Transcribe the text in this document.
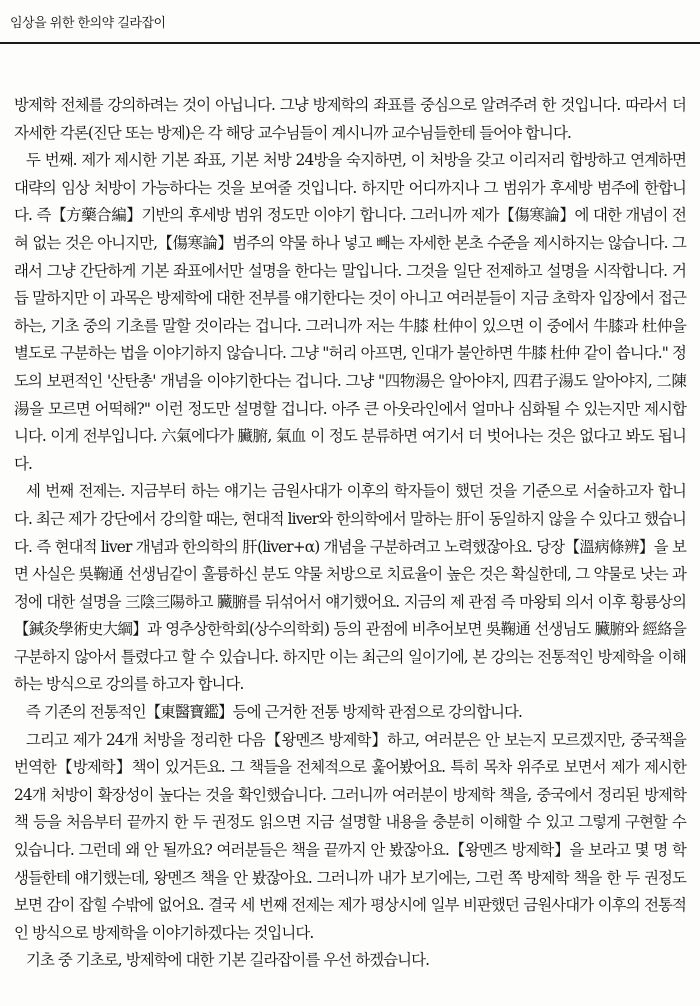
임상을 위한 한의약 길라잡이

방제학 전체를 강의하려는 것이 아닙니다. 그냥 방제학의 좌표를 중심으로 알려주려 한 것입니다. 따라서 더 자세한 각론(진단 또는 방제)은 각 해당 교수님들이 계시니까 교수님들한테 들어야 합니다.

두 번째. 제가 제시한 기본 좌표, 기본 처방 24방을 숙지하면, 이 처방을 갖고 이리저리 합방하고 연계하면 대략의 임상 처방이 가능하다는 것을 보여줄 것입니다. 하지만 어디까지나 그 범위가 후세방 범주에 한합니다. 즉【方藥合編】기반의 후세방 범위 정도만 이야기 합니다. 그러니까 제가【傷寒論】에 대한 개념이 전혀 없는 것은 아니지만,【傷寒論】범주의 약물 하나 넣고 빼는 자세한 본초 수준을 제시하지는 않습니다. 그래서 그냥 간단하게 기본 좌표에서만 설명을 한다는 말입니다. 그것을 일단 전제하고 설명을 시작합니다. 거듭 말하지만 이 과목은 방제학에 대한 전부를 얘기한다는 것이 아니고 여러분들이 지금 초학자 입장에서 접근하는, 기초 중의 기초를 말할 것이라는 겁니다. 그러니까 저는 牛膝 杜仲이 있으면 이 중에서 牛膝과 杜仲을 별도로 구분하는 법을 이야기하지 않습니다. 그냥 "허리 아프면, 인대가 불안하면 牛膝 杜仲 같이 씁니다." 정도의 보편적인 '산탄총' 개념을 이야기한다는 겁니다. 그냥 "四物湯은 알아야지, 四君子湯도 알아야지, 二陳湯을 모르면 어떡해?" 이런 정도만 설명할 겁니다. 아주 큰 아웃라인에서 얼마나 심화될 수 있는지만 제시합니다. 이게 전부입니다. 六氣에다가 臟腑, 氣血 이 정도 분류하면 여기서 더 벗어나는 것은 없다고 봐도 됩니다.

세 번째 전제는. 지금부터 하는 얘기는 금원사대가 이후의 학자들이 했던 것을 기준으로 서술하고자 합니다. 최근 제가 강단에서 강의할 때는, 현대적 liver와 한의학에서 말하는 肝이 동일하지 않을 수 있다고 했습니다. 즉 현대적 liver 개념과 한의학의 肝(liver+α) 개념을 구분하려고 노력했잖아요. 당장【溫病條辨】을 보면 사실은 吳鞠通 선생님같이 훌륭하신 분도 약물 처방으로 치료율이 높은 것은 확실한데, 그 약물로 낫는 과정에 대한 설명을 三陰三陽하고 臟腑를 뒤섞어서 얘기했어요. 지금의 제 관점 즉 마왕퇴 의서 이후 황룡상의【鍼灸學術史大綱】과 영추상한학회(상수의학회) 등의 관점에 비추어보면 吳鞠通 선생님도 臟腑와 經絡을 구분하지 않아서 틀렸다고 할 수 있습니다. 하지만 이는 최근의 일이기에, 본 강의는 전통적인 방제학을 이해하는 방식으로 강의를 하고자 합니다.

즉 기존의 전통적인【東醫寶鑑】등에 근거한 전통 방제학 관점으로 강의합니다.

그리고 제가 24개 처방을 정리한 다음【왕멘즈 방제학】하고, 여러분은 안 보는지 모르겠지만, 중국책을 번역한【방제학】책이 있거든요. 그 책들을 전체적으로 훑어봤어요. 특히 목차 위주로 보면서 제가 제시한 24개 처방이 확장성이 높다는 것을 확인했습니다. 그러니까 여러분이 방제학 책을, 중국에서 정리된 방제학 책 등을 처음부터 끝까지 한 두 권정도 읽으면 지금 설명할 내용을 충분히 이해할 수 있고 그렇게 구현할 수 있습니다. 그런데 왜 안 될까요? 여러분들은 책을 끝까지 안 봤잖아요.【왕멘즈 방제학】을 보라고 몇 명 학생들한테 얘기했는데, 왕멘즈 책을 안 봤잖아요. 그러니까 내가 보기에는, 그런 쪽 방제학 책을 한 두 권정도 보면 감이 잡힐 수밖에 없어요. 결국 세 번째 전제는 제가 평상시에 일부 비판했던 금원사대가 이후의 전통적인 방식으로 방제학을 이야기하겠다는 것입니다.

기초 중 기초로, 방제학에 대한 기본 길라잡이를 우선 하겠습니다.
